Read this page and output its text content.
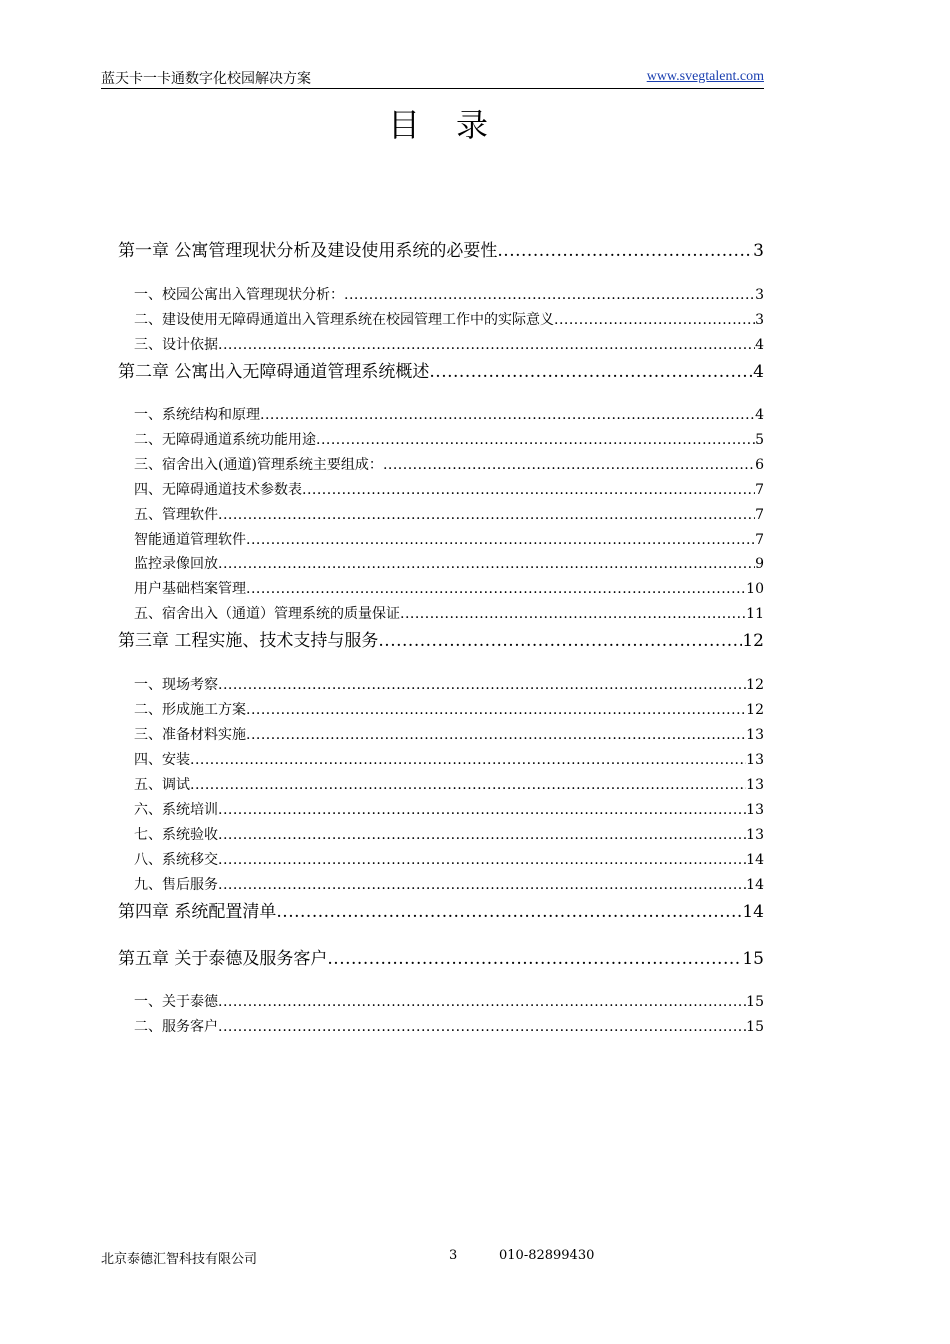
蓝天卡一卡通数字化校园解决方案	www.svegtalent.com
目录
第一章 公寓管理现状分析及建设使用系统的必要性 .....	3
一、校园公寓出入管理现状分析： .....	3
二、建设使用无障碍通道出入管理系统在校园管理工作中的实际意义 .....	3
三、设计依据 .....	4
第二章 公寓出入无障碍通道管理系统概述 .....	4
一、系统结构和原理 .....	4
二、无障碍通道系统功能用途 .....	5
三、宿舍出入(通道)管理系统主要组成： .....	6
四、无障碍通道技术参数表 .....	7
五、管理软件 .....	7
智能通道管理软件 .....	7
监控录像回放 .....	9
用户基础档案管理 .....	10
五、宿舍出入（通道）管理系统的质量保证 .....	11
第三章 工程实施、技术支持与服务 .....	12
一、现场考察 .....	12
二、形成施工方案 .....	12
三、准备材料实施 .....	13
四、安装 .....	13
五、调试 .....	13
六、系统培训 .....	13
七、系统验收 .....	13
八、系统移交 .....	14
九、售后服务 .....	14
第四章 系统配置清单 .....	14
第五章 关于泰德及服务客户 .....	15
一、关于泰德 .....	15
二、服务客户 .....	15
北京泰德汇智科技有限公司	3	010-82899430
